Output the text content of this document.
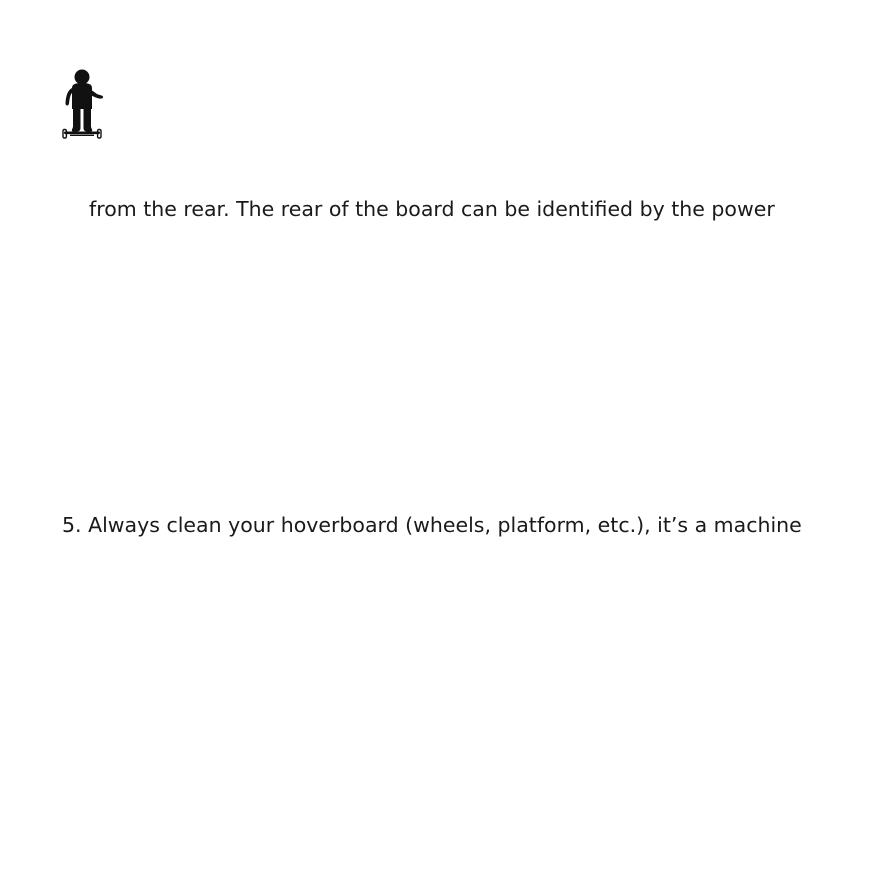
from the rear. The rear of the board can be identified by the power
5. Always clean your hoverboard (wheels, platform, etc.), it’s a machine
